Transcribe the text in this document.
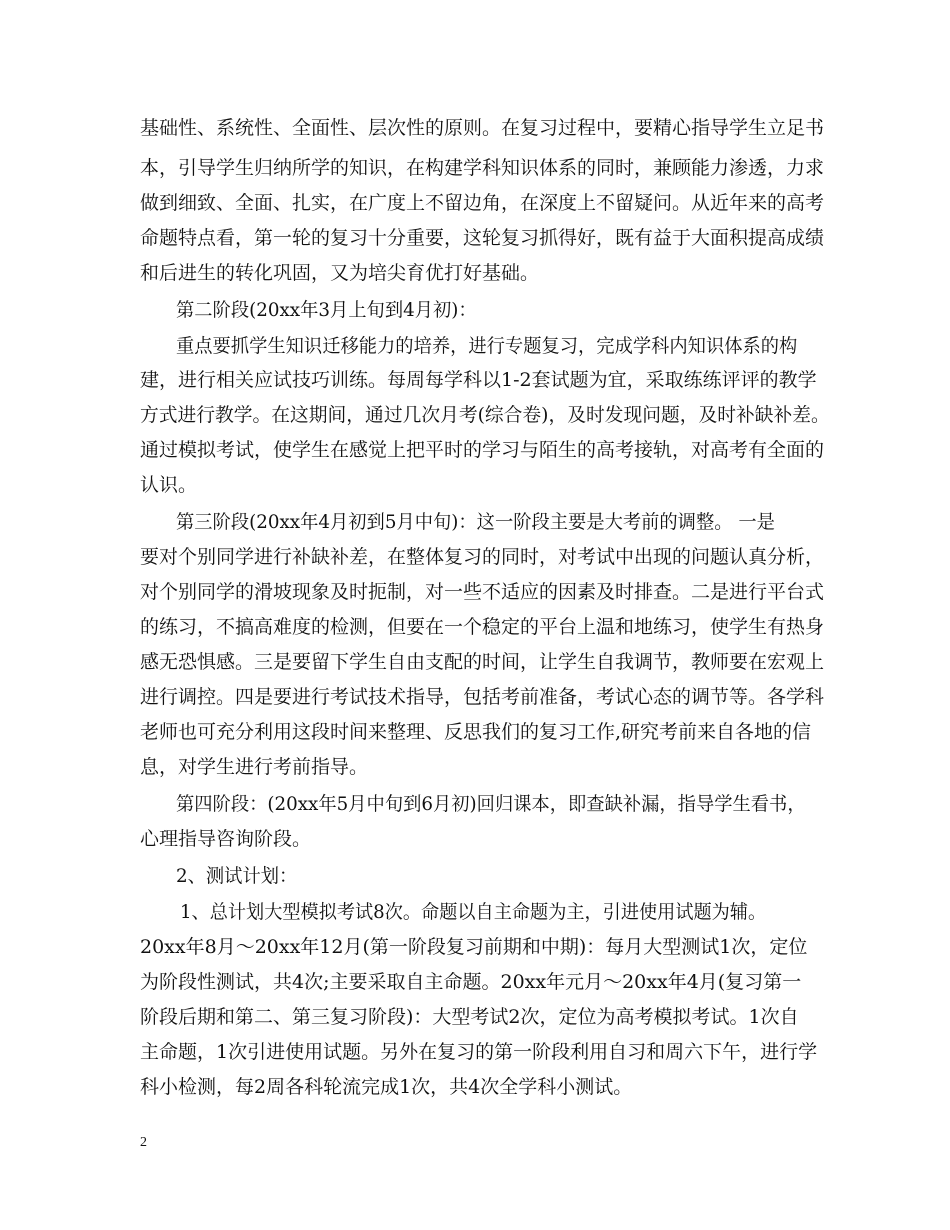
基础性、系统性、全面性、层次性的原则。在复习过程中，要精心指导学生立足书
本，引导学生归纳所学的知识，在构建学科知识体系的同时，兼顾能力渗透，力求
做到细致、全面、扎实，在广度上不留边角，在深度上不留疑问。从近年来的高考
命题特点看，第一轮的复习十分重要，这轮复习抓得好，既有益于大面积提高成绩
和后进生的转化巩固，又为培尖育优打好基础。
第二阶段(20xx年3月上旬到4月初)：
重点要抓学生知识迁移能力的培养，进行专题复习，完成学科内知识体系的构
建，进行相关应试技巧训练。每周每学科以1-2套试题为宜，采取练练评评的教学
方式进行教学。在这期间，通过几次月考(综合卷)，及时发现问题，及时补缺补差。
通过模拟考试，使学生在感觉上把平时的学习与陌生的高考接轨，对高考有全面的
认识。
第三阶段(20xx年4月初到5月中旬)：这一阶段主要是大考前的调整。 一是
要对个别同学进行补缺补差，在整体复习的同时，对考试中出现的问题认真分析，
对个别同学的滑坡现象及时扼制，对一些不适应的因素及时排查。二是进行平台式
的练习，不搞高难度的检测，但要在一个稳定的平台上温和地练习，使学生有热身
感无恐惧感。三是要留下学生自由支配的时间，让学生自我调节，教师要在宏观上
进行调控。四是要进行考试技术指导，包括考前准备，考试心态的调节等。各学科
老师也可充分利用这段时间来整理、反思我们的复习工作,研究考前来自各地的信
息，对学生进行考前指导。
第四阶段：(20xx年5月中旬到6月初)回归课本，即查缺补漏，指导学生看书，
心理指导咨询阶段。
2、测试计划：
1、总计划大型模拟考试8次。命题以自主命题为主，引进使用试题为辅。
20xx年8月～20xx年12月(第一阶段复习前期和中期)：每月大型测试1次，定位
为阶段性测试，共4次;主要采取自主命题。20xx年元月～20xx年4月(复习第一
阶段后期和第二、第三复习阶段)：大型考试2次，定位为高考模拟考试。1次自
主命题，1次引进使用试题。另外在复习的第一阶段利用自习和周六下午，进行学
科小检测，每2周各科轮流完成1次，共4次全学科小测试。
2
